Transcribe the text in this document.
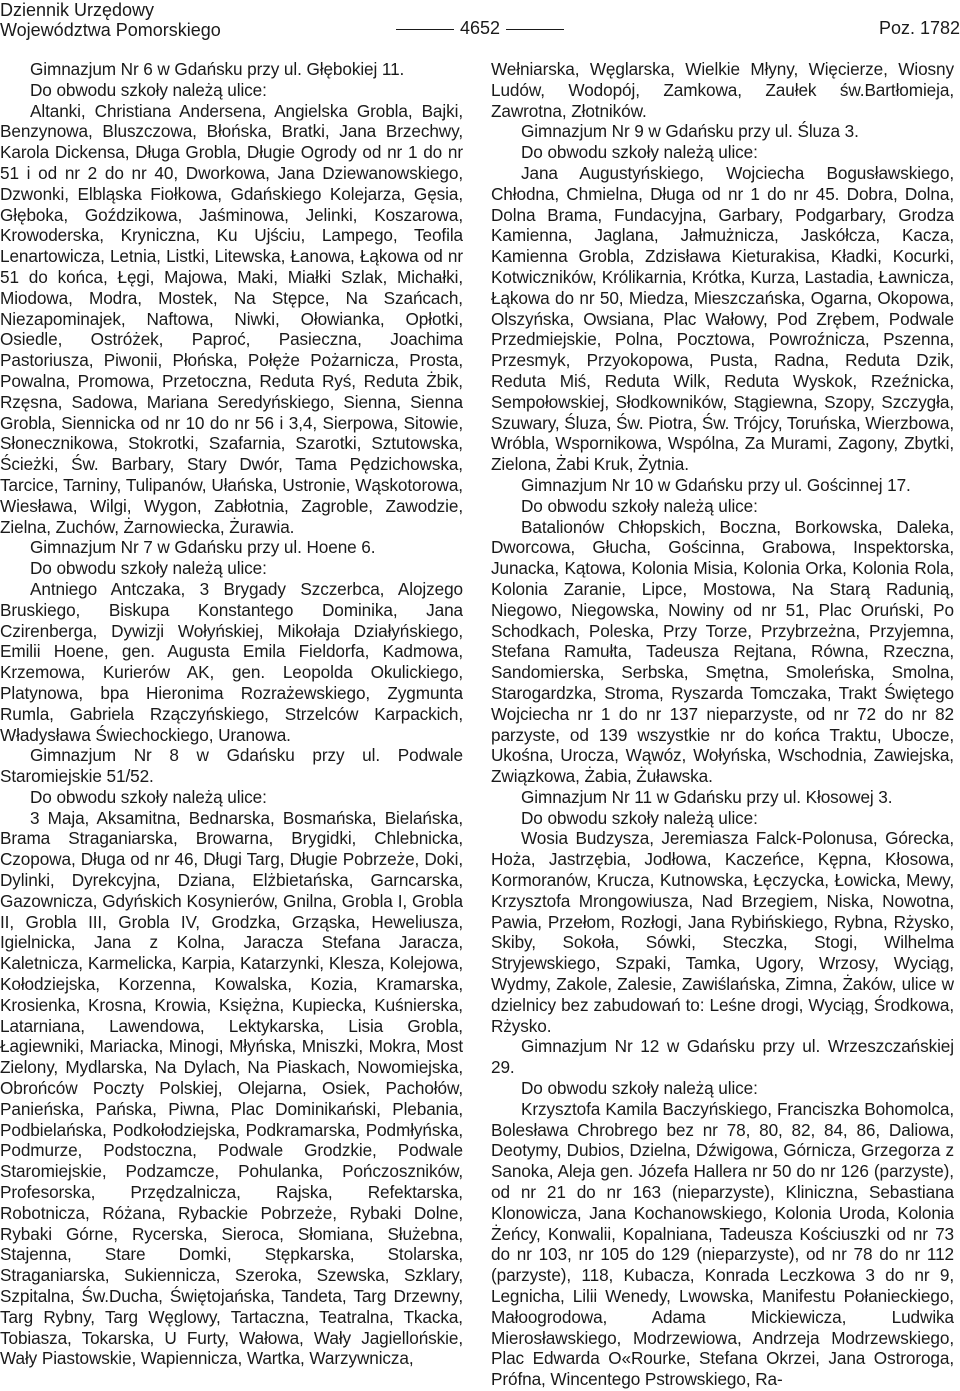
Dziennik Urzędowy
Województwa Pomorskiego	4652	Poz. 1782

Gimnazjum Nr 6 w Gdańsku przy ul. Głębokiej 11.

Do obwodu szkoły należą ulice:

Altanki, Christiana Andersena, Angielska Grobla, Bajki, Benzynowa, Bluszczowa, Błońska, Bratki, Jana Brzechwy, Karola Dickensa, Długa Grobla, Długie Ogrody od nr 1 do nr 51 i od nr 2 do nr 40, Dworkowa, Jana Dziewanowskiego, Dzwonki, Elbląska Fiołkowa, Gdańskiego Kolejarza, Gęsia, Głęboka, Goździkowa, Jaśminowa, Jelinki, Koszarowa, Krowoderska, Kryniczna, Ku Ujściu, Lampego, Teofila Lenartowicza, Letnia, Listki, Litewska, Łanowa, Łąkowa od nr 51 do końca, Łęgi, Majowa, Maki, Miałki Szlak, Michałki, Miodowa, Modra, Mostek, Na Stępce, Na Szańcach, Niezapominajek, Naftowa, Niwki, Ołowianka, Opłotki, Osiedle, Ostróżek, Paproć, Pasieczna, Joachima Pastoriusza, Piwonii, Płońska, Połęże Pożarnicza, Prosta, Powalna, Promowa, Przetoczna, Reduta Ryś, Reduta Żbik, Rzęsna, Sadowa, Mariana Seredyńskiego, Sienna, Sienna Grobla, Siennicka od nr 10 do nr 56 i 3,4, Sierpowa, Sitowie, Słonecznikowa, Stokrotki, Szafarnia, Szarotki, Sztutowska, Ścieżki, Św. Barbary, Stary Dwór, Tama Pędzichowska, Tarcice, Tarniny, Tulipanów, Ułańska, Ustronie, Wąskotorowa, Wiesława, Wilgi, Wygon, Zabłotnia, Zagroble, Zawodzie, Zielna, Zuchów, Żarnowiecka, Żurawia.

Gimnazjum Nr 7 w Gdańsku przy ul. Hoene 6.

Do obwodu szkoły należą ulice:

Antniego Antczaka, 3 Brygady Szczerbca, Alojzego Bruskiego, Biskupa Konstantego Dominika, Jana Czirenberga, Dywizji Wołyńskiej, Mikołaja Działyńskiego, Emilii Hoene, gen. Augusta Emila Fieldorfa, Kadmowa, Krzemowa, Kurierów AK, gen. Leopolda Okulickiego, Platynowa, bpa Hieronima Rozrażewskiego, Zygmunta Rumla, Gabriela Rzączyńskiego, Strzelców Karpackich, Władysława Świechockiego, Uranowa.

Gimnazjum Nr 8 w Gdańsku przy ul. Podwale Staromiejskie 51/52.

Do obwodu szkoły należą ulice:

3 Maja, Aksamitna, Bednarska, Bosmańska, Bielańska, Brama Straganiarska, Browarna, Brygidki, Chlebnicka, Czopowa, Długa od nr 46, Długi Targ, Długie Pobrzeże, Doki, Dylinki, Dyrekcyjna, Dziana, Elżbietańska, Garncarska, Gazownicza, Gdyńskich Kosynierów, Gnilna, Grobla I, Grobla II, Grobla III, Grobla IV, Grodzka, Grząska, Heweliusza, Igielnicka, Jana z Kolna, Jaracza Stefana Jaracza, Kaletnicza, Karmelicka, Karpia, Katarzynki, Klesza, Kolejowa, Kołodziejska, Korzenna, Kowalska, Kozia, Kramarska, Krosienka, Krosna, Krowia, Księżna, Kupiecka, Kuśnierska, Latarniana, Lawendowa, Lektykarska, Lisia Grobla, Łagiewniki, Mariacka, Minogi, Młyńska, Mniszki, Mokra, Most Zielony, Mydlarska, Na Dylach, Na Piaskach, Nowomiejska, Obrońców Poczty Polskiej, Olejarna, Osiek, Pachołów, Panieńska, Pańska, Piwna, Plac Dominikański, Plebania, Podbielańska, Podkołodziejska, Podkramarska, Podmłyńska, Podmurze, Podstoczna, Podwale Grodzkie, Podwale Staromiejskie, Podzamcze, Pohulanka, Pończoszników, Profesorska, Przędzalnicza, Rajska, Refektarska, Robotnicza, Różana, Rybackie Pobrzeże, Rybaki Dolne, Rybaki Górne, Rycerska, Sieroca, Słomiana, Służebna, Stajenna, Stare Domki, Stępkarska, Stolarska, Straganiarska, Sukiennicza, Szeroka, Szewska, Szklary, Szpitalna, Św.Ducha, Świętojańska, Tandeta, Targ Drzewny, Targ Rybny, Targ Węglowy, Tartaczna, Teatralna, Tkacka, Tobiasza, Tokarska, U Furty, Wałowa, Wały Jagiellońskie, Wały Piastowskie, Wapiennicza, Wartka, Warzywnicza,

Wełniarska, Węglarska, Wielkie Młyny, Więcierze, Wiosny Ludów, Wodopój, Zamkowa, Zaułek św.Bartłomieja, Zawrotna, Złotników.

Gimnazjum Nr 9 w Gdańsku przy ul. Śluza 3.

Do obwodu szkoły należą ulice:

Jana Augustyńskiego, Wojciecha Bogusławskiego, Chłodna, Chmielna, Długa od nr 1 do nr 45. Dobra, Dolna, Dolna Brama, Fundacyjna, Garbary, Podgarbary, Grodza Kamienna, Jaglana, Jałmużnicza, Jaskółcza, Kacza, Kamienna Grobla, Zdzisława Kieturakisa, Kładki, Kocurki, Kotwiczników, Królikarnia, Krótka, Kurza, Lastadia, Ławnicza, Łąkowa do nr 50, Miedza, Mieszczańska, Ogarna, Okopowa, Olszyńska, Owsiana, Plac Wałowy, Pod Zrębem, Podwale Przedmiejskie, Polna, Pocztowa, Powroźnicza, Pszenna, Przesmyk, Przyokopowa, Pusta, Radna, Reduta Dzik, Reduta Miś, Reduta Wilk, Reduta Wyskok, Rzeźnicka, Sempołowskiej, Słodkowników, Stągiewna, Szopy, Szczygła, Szuwary, Śluza, Św. Piotra, Św. Trójcy, Toruńska, Wierzbowa, Wróbla, Wspornikowa, Wspólna, Za Murami, Zagony, Zbytki, Zielona, Żabi Kruk, Żytnia.

Gimnazjum Nr 10 w Gdańsku przy ul. Gościnnej 17.

Do obwodu szkoły należą ulice:

Batalionów Chłopskich, Boczna, Borkowska, Daleka, Dworcowa, Głucha, Gościnna, Grabowa, Inspektorska, Junacka, Kątowa, Kolonia Misia, Kolonia Orka, Kolonia Rola, Kolonia Zaranie, Lipce, Mostowa, Na Starą Radunią, Niegowo, Niegowska, Nowiny od nr 51, Plac Oruński, Po Schodkach, Poleska, Przy Torze, Przybrzeżna, Przyjemna, Stefana Ramułta, Tadeusza Rejtana, Równa, Rzeczna, Sandomierska, Serbska, Smętna, Smoleńska, Smolna, Starogardzka, Stroma, Ryszarda Tomczaka, Trakt Świętego Wojciecha nr 1 do nr 137 nieparzyste, od nr 72 do nr 82 parzyste, od 139 wszystkie nr do końca Traktu, Ubocze, Ukośna, Urocza, Wąwóz, Wołyńska, Wschodnia, Zawiejska, Związkowa, Żabia, Żuławska.

Gimnazjum Nr 11 w Gdańsku przy ul. Kłosowej 3.

Do obwodu szkoły należą ulice:

Wosia Budzysza, Jeremiasza Falck-Polonusa, Górecka, Hoża, Jastrzębia, Jodłowa, Kaczeńce, Kępna, Kłosowa, Kormoranów, Krucza, Kutnowska, Łęczycka, Łowicka, Mewy, Krzysztofa Mrongowiusza, Nad Brzegiem, Niska, Nowotna, Pawia, Przełom, Rozłogi, Jana Rybińskiego, Rybna, Rżysko, Skiby, Sokoła, Sówki, Steczka, Stogi, Wilhelma Stryjewskiego, Szpaki, Tamka, Ugory, Wrzosy, Wyciąg, Wydmy, Zakole, Zalesie, Zawiślańska, Zimna, Żaków, ulice w dzielnicy bez zabudowań to: Leśne drogi, Wyciąg, Środkowa, Rżysko.

Gimnazjum Nr 12 w Gdańsku przy ul. Wrzeszczańskiej 29.

Do obwodu szkoły należą ulice:

Krzysztofa Kamila Baczyńskiego, Franciszka Bohomolca, Bolesława Chrobrego bez nr 78, 80, 82, 84, 86, Daliowa, Deotymy, Dubios, Dzielna, Dźwigowa, Górnicza, Grzegorza z Sanoka, Aleja gen. Józefa Hallera nr 50 do nr 126 (parzyste), od nr 21 do nr 163 (nieparzyste), Kliniczna, Sebastiana Klonowicza, Jana Kochanowskiego, Kolonia Uroda, Kolonia Żeńcy, Konwalii, Kopalniana, Tadeusza Kościuszki od nr 73 do nr 103, nr 105 do 129 (nieparzyste), od nr 78 do nr 112 (parzyste), 118, Kubacza, Konrada Leczkowa 3 do nr 9, Legnicha, Lilii Wenedy, Lwowska, Manifestu Połanieckiego, Małoogrodowa, Adama Mickiewicza, Ludwika Mierosławskiego, Modrzewiowa, Andrzeja Modrzewskiego, Plac Edwarda O«Rourke, Stefana Okrzei, Jana Ostroroga, Prófna, Wincentego Pstrowskiego, Ra-
